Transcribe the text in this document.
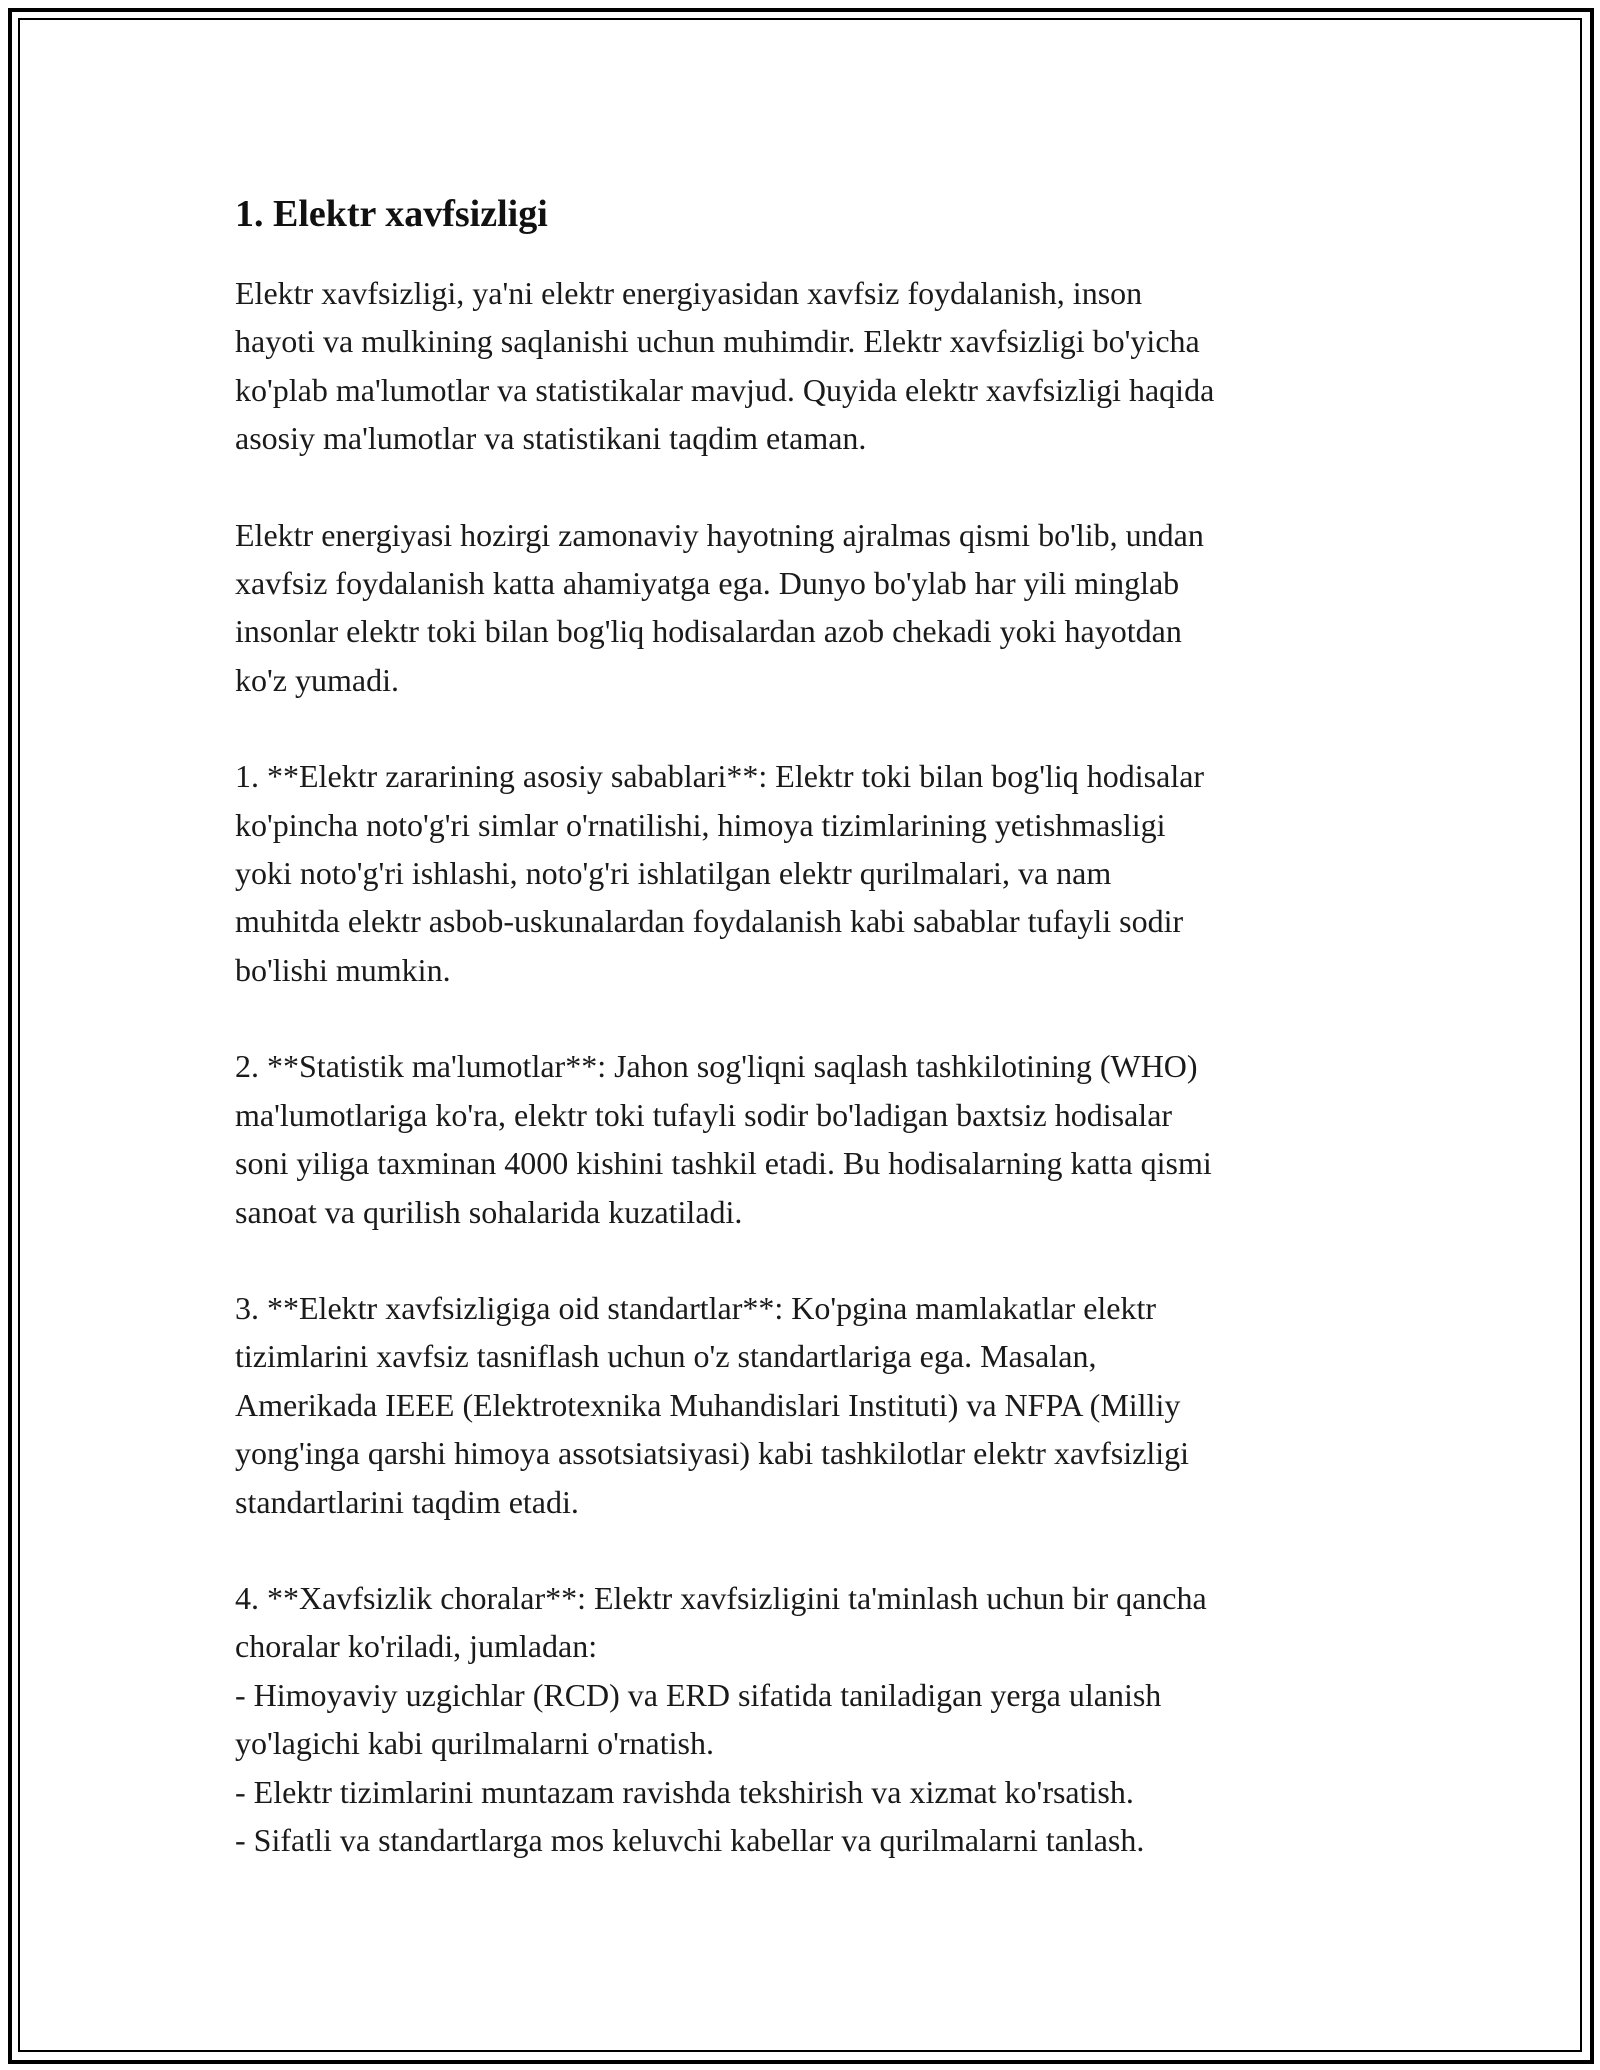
1. Elektr xavfsizligi

Elektr xavfsizligi, ya'ni elektr energiyasidan xavfsiz foydalanish, inson
hayoti va mulkining saqlanishi uchun muhimdir. Elektr xavfsizligi bo'yicha
ko'plab ma'lumotlar va statistikalar mavjud. Quyida elektr xavfsizligi haqida
asosiy ma'lumotlar va statistikani taqdim etaman.

Elektr energiyasi hozirgi zamonaviy hayotning ajralmas qismi bo'lib, undan
xavfsiz foydalanish katta ahamiyatga ega. Dunyo bo'ylab har yili minglab
insonlar elektr toki bilan bog'liq hodisalardan azob chekadi yoki hayotdan
ko'z yumadi.

1. **Elektr zararining asosiy sabablari**: Elektr toki bilan bog'liq hodisalar
ko'pincha noto'g'ri simlar o'rnatilishi, himoya tizimlarining yetishmasligi
yoki noto'g'ri ishlashi, noto'g'ri ishlatilgan elektr qurilmalari, va nam
muhitda elektr asbob-uskunalardan foydalanish kabi sabablar tufayli sodir
bo'lishi mumkin.

2. **Statistik ma'lumotlar**: Jahon sog'liqni saqlash tashkilotining (WHO)
ma'lumotlariga ko'ra, elektr toki tufayli sodir bo'ladigan baxtsiz hodisalar
soni yiliga taxminan 4000 kishini tashkil etadi. Bu hodisalarning katta qismi
sanoat va qurilish sohalarida kuzatiladi.

3. **Elektr xavfsizligiga oid standartlar**: Ko'pgina mamlakatlar elektr
tizimlarini xavfsiz tasniflash uchun o'z standartlariga ega. Masalan,
Amerikada IEEE (Elektrotexnika Muhandislari Instituti) va NFPA (Milliy
yong'inga qarshi himoya assotsiatsiyasi) kabi tashkilotlar elektr xavfsizligi
standartlarini taqdim etadi.

4. **Xavfsizlik choralar**: Elektr xavfsizligini ta'minlash uchun bir qancha
choralar ko'riladi, jumladan:
- Himoyaviy uzgichlar (RCD) va ERD sifatida taniladigan yerga ulanish
yo'lagichi kabi qurilmalarni o'rnatish.
- Elektr tizimlarini muntazam ravishda tekshirish va xizmat ko'rsatish.
- Sifatli va standartlarga mos keluvchi kabellar va qurilmalarni tanlash.
